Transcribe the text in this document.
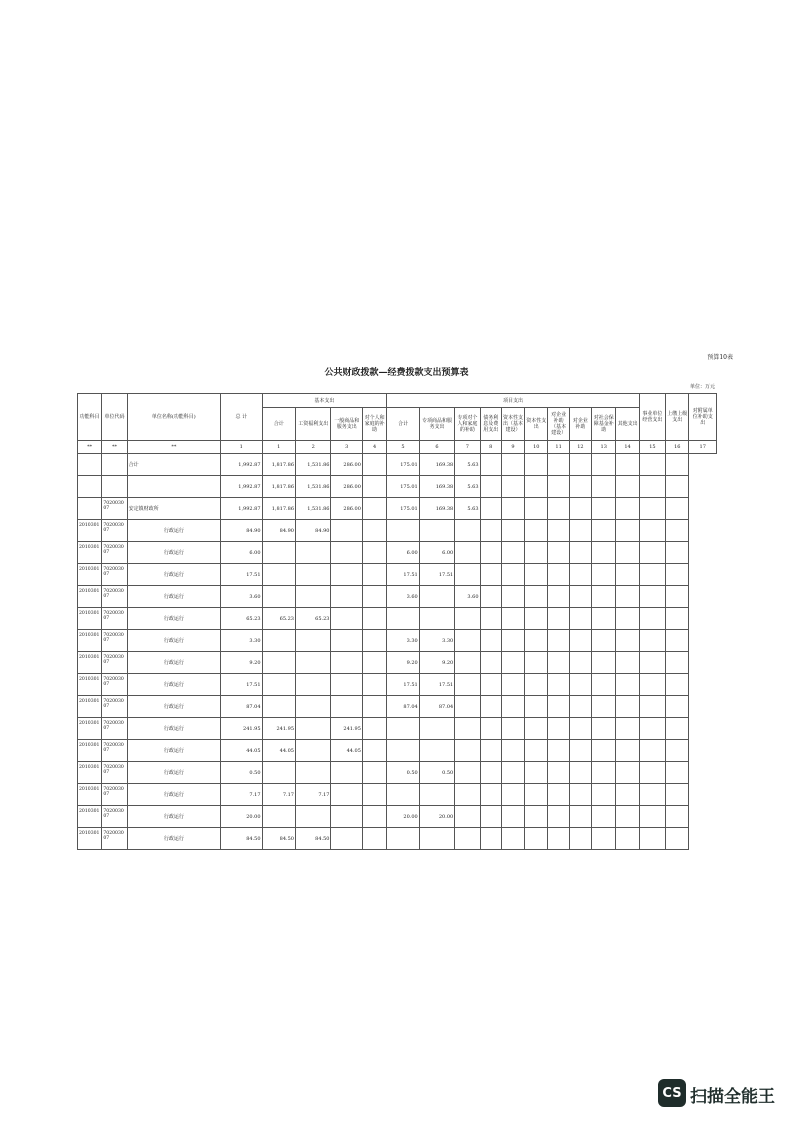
预算10表
公共财政拨款—经费拨款支出预算表
单位：万元
功能科目	单位代码	单位名称(功能科目)	总 计	基本支出				项目支出										事业单位经营支出	上缴上级支出	对附属单位补助支出
				合计	工资福利支出	一般商品和服务支出	对个人和家庭的补助	合计	专项商品和服务支出	专项对个人和家庭的补助	债务利息及费用支出	资本性支出（基本建设）	资本性支出	对企业补助（基本建设）	对企业补助	对社会保障基金补助	其他支出			
**	**	**	1	1	2	3	4	5	6	7	8	9	10	11	12	13	14	15	16	17
		合计	1,992.87	1,817.86	1,531.86	286.00		175.01	169.38	5.63										
			1,992.87	1,817.86	1,531.86	286.00		175.01	169.38	5.63										
	702003007	安定镇财政所	1,992.87	1,817.86	1,531.86	286.00		175.01	169.38	5.63										
2010301	702003007	行政运行	84.90	84.90	84.90															
2010301	702003007	行政运行	6.00					6.00	6.00											
2010301	702003007	行政运行	17.51					17.51	17.51											
2010301	702003007	行政运行	3.60					3.60		3.60										
2010301	702003007	行政运行	65.23	65.23	65.23															
2010301	702003007	行政运行	3.30					3.30	3.30											
2010301	702003007	行政运行	9.20					9.20	9.20											
2010301	702003007	行政运行	17.51					17.51	17.51											
2010301	702003007	行政运行	87.04					87.04	87.04											
2010301	702003007	行政运行	241.95	241.95		241.95														
2010301	702003007	行政运行	44.05	44.05		44.05														
2010301	702003007	行政运行	0.50					0.50	0.50											
2010301	702003007	行政运行	7.17	7.17	7.17															
2010301	702003007	行政运行	20.00					20.00	20.00											
2010301	702003007	行政运行	84.50	84.50	84.50															
CS 扫描全能王
